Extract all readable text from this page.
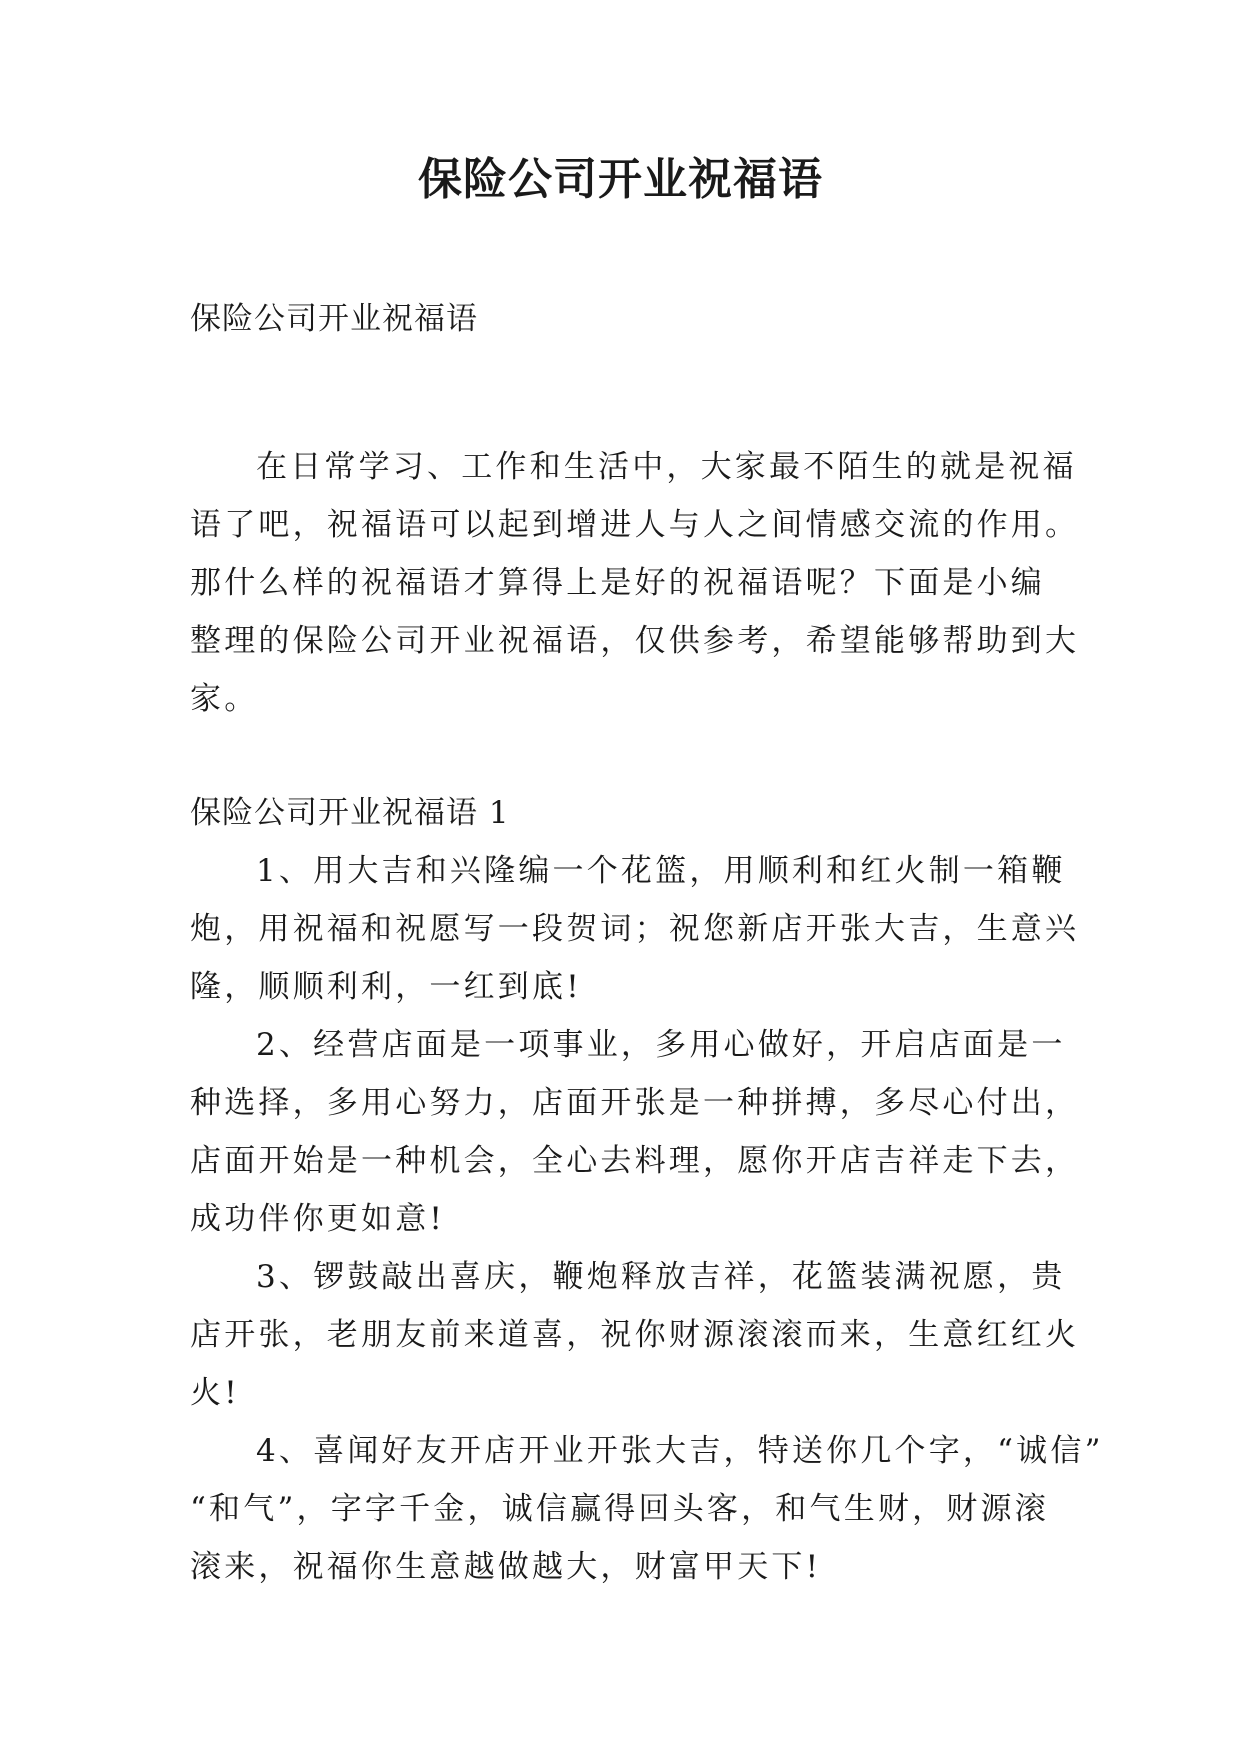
保险公司开业祝福语
保险公司开业祝福语
在日常学习、工作和生活中，大家最不陌生的就是祝福
语了吧，祝福语可以起到增进人与人之间情感交流的作用。
那什么样的祝福语才算得上是好的祝福语呢？下面是小编
整理的保险公司开业祝福语，仅供参考，希望能够帮助到大
家。
保险公司开业祝福语 1
1、用大吉和兴隆编一个花篮，用顺利和红火制一箱鞭
炮，用祝福和祝愿写一段贺词；祝您新店开张大吉，生意兴
隆，顺顺利利，一红到底!
2、经营店面是一项事业，多用心做好，开启店面是一
种选择，多用心努力，店面开张是一种拼搏，多尽心付出，
店面开始是一种机会，全心去料理，愿你开店吉祥走下去，
成功伴你更如意!
3、锣鼓敲出喜庆，鞭炮释放吉祥，花篮装满祝愿，贵
店开张，老朋友前来道喜，祝你财源滚滚而来，生意红红火
火!
4、喜闻好友开店开业开张大吉，特送你几个字，“诚信”
“和气”，字字千金，诚信赢得回头客，和气生财，财源滚
滚来，祝福你生意越做越大，财富甲天下!
